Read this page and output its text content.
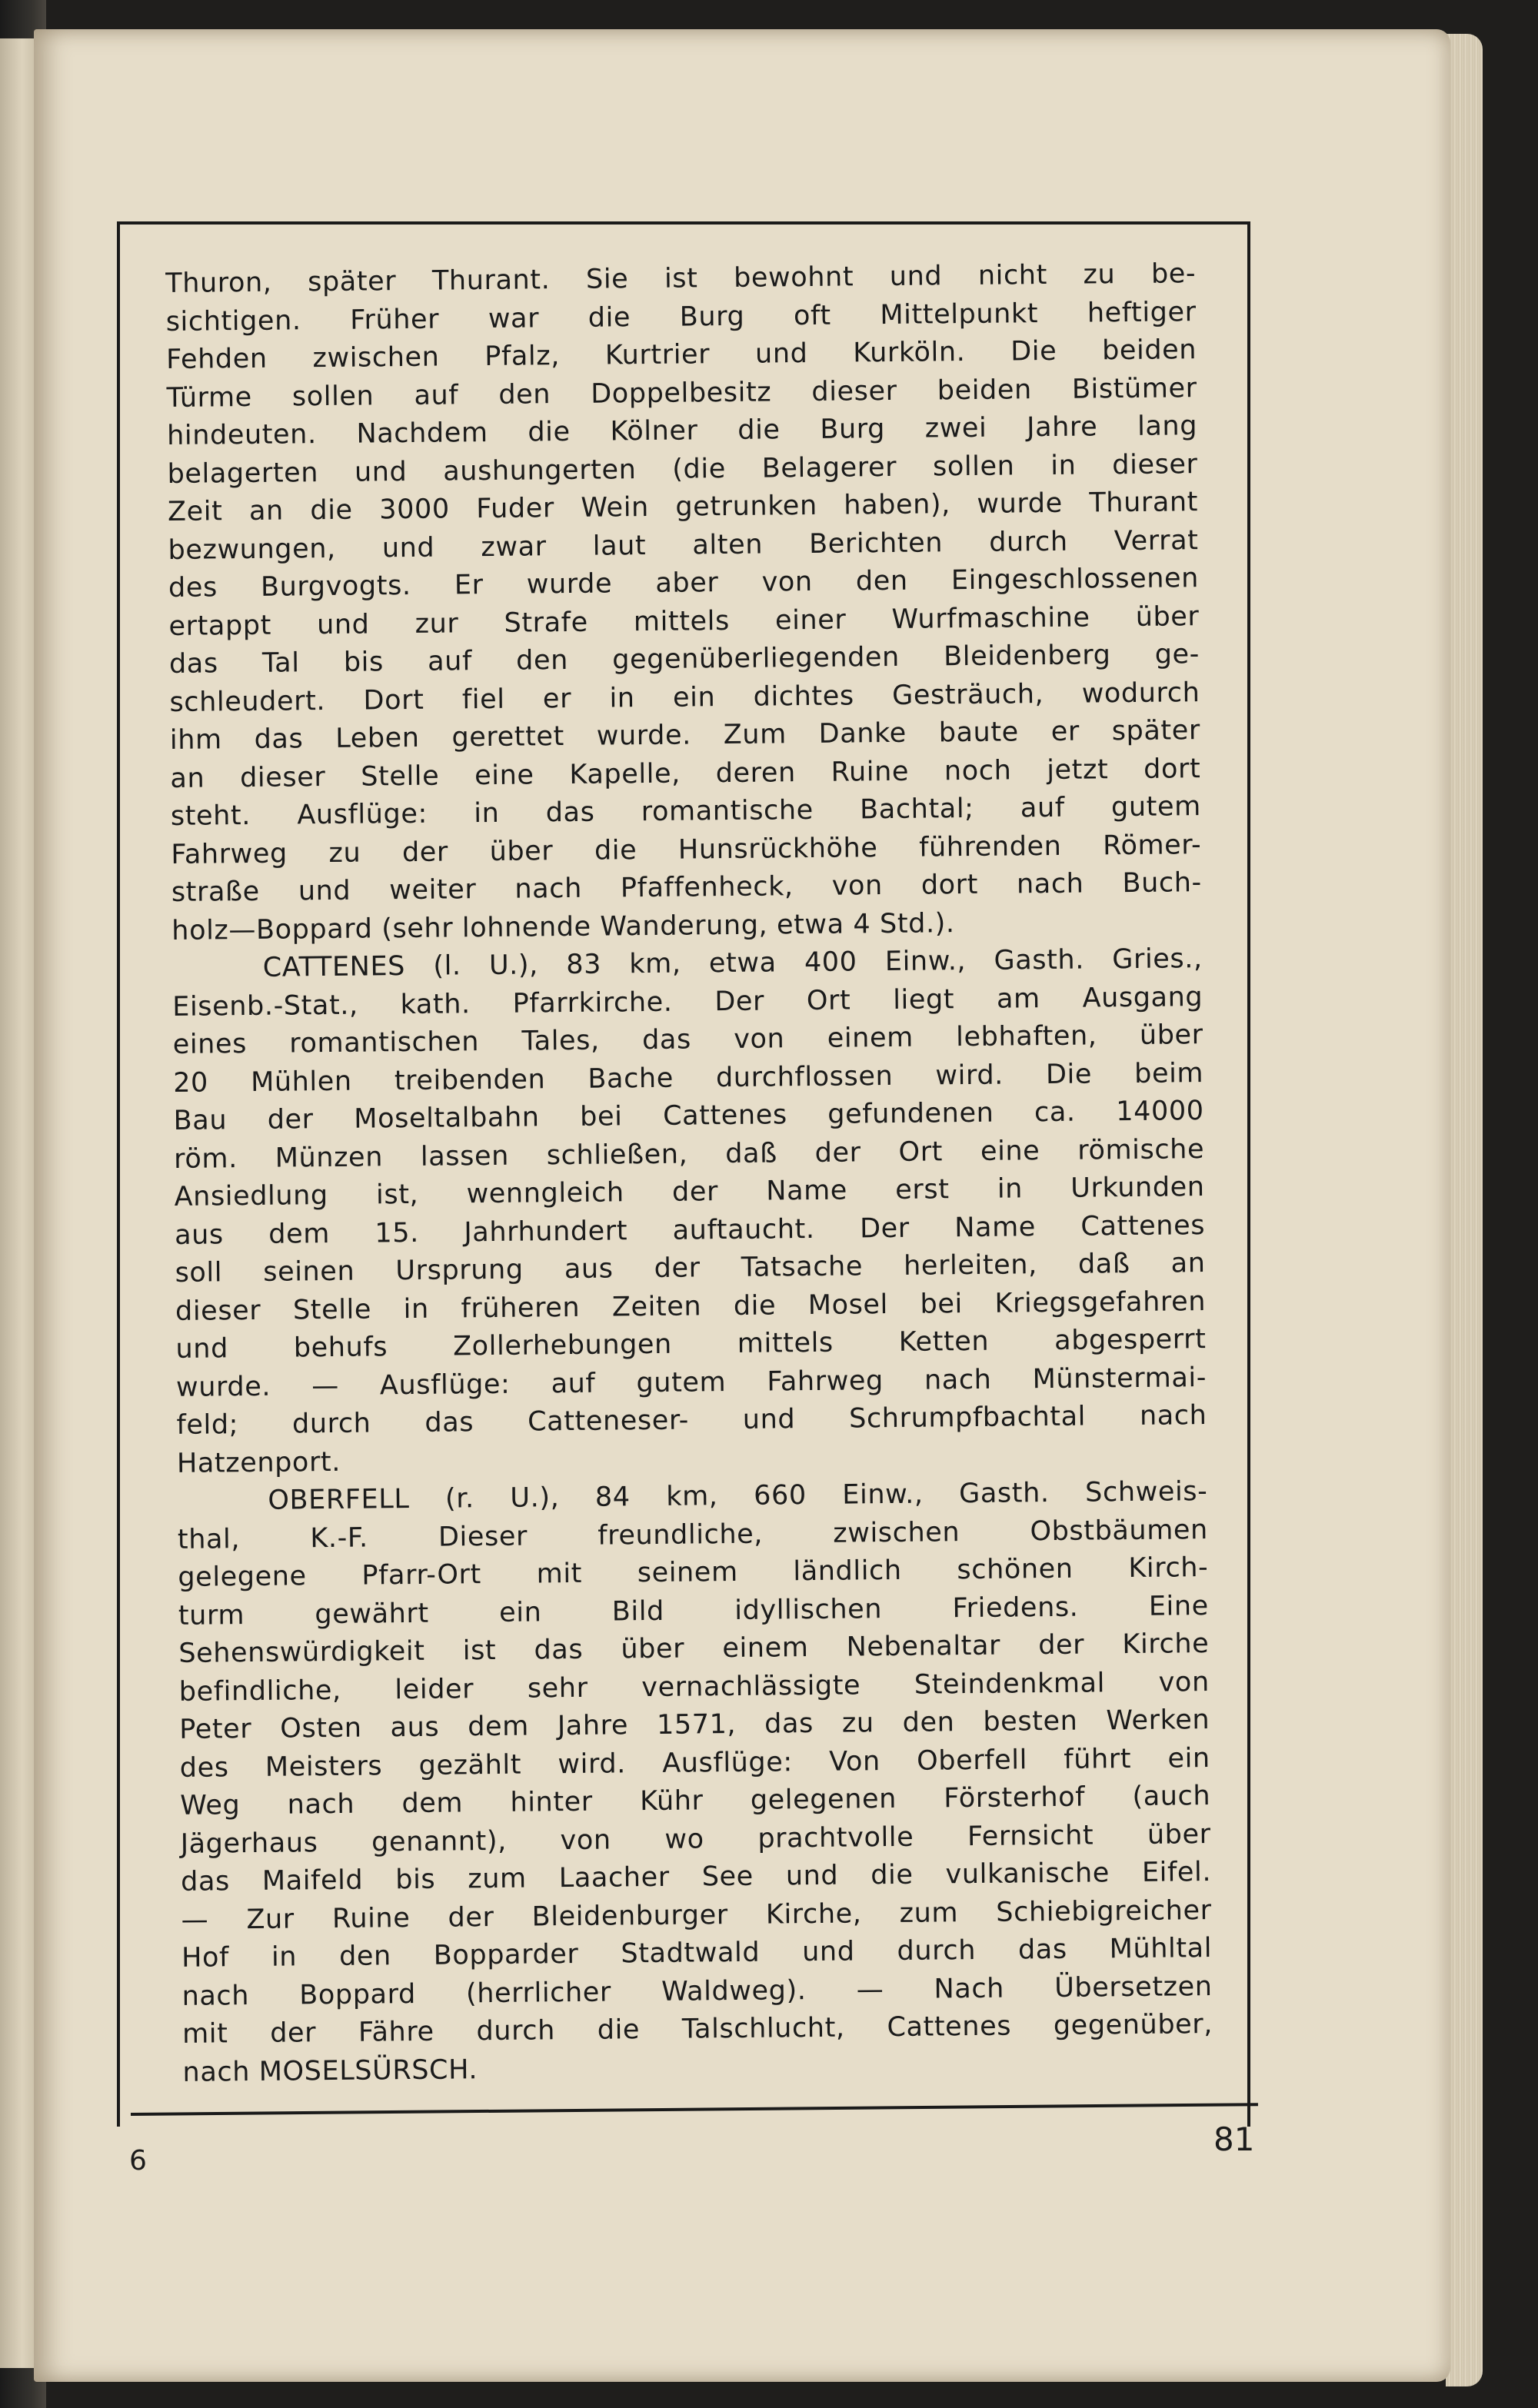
Thuron, später Thurant. Sie ist bewohnt und nicht zu be-
sichtigen. Früher war die Burg oft Mittelpunkt heftiger
Fehden zwischen Pfalz, Kurtrier und Kurköln. Die beiden
Türme sollen auf den Doppelbesitz dieser beiden Bistümer
hindeuten. Nachdem die Kölner die Burg zwei Jahre lang
belagerten und aushungerten (die Belagerer sollen in dieser
Zeit an die 3000 Fuder Wein getrunken haben), wurde Thurant
bezwungen, und zwar laut alten Berichten durch Verrat
des Burgvogts. Er wurde aber von den Eingeschlossenen
ertappt und zur Strafe mittels einer Wurfmaschine über
das Tal bis auf den gegenüberliegenden Bleidenberg ge-
schleudert. Dort fiel er in ein dichtes Gesträuch, wodurch
ihm das Leben gerettet wurde. Zum Danke baute er später
an dieser Stelle eine Kapelle, deren Ruine noch jetzt dort
steht. Ausflüge: in das romantische Bachtal; auf gutem
Fahrweg zu der über die Hunsrückhöhe führenden Römer-
straße und weiter nach Pfaffenheck, von dort nach Buch-
holz—Boppard (sehr lohnende Wanderung, etwa 4 Std.).
CATTENES (l. U.), 83 km, etwa 400 Einw., Gasth. Gries.,
Eisenb.-Stat., kath. Pfarrkirche. Der Ort liegt am Ausgang
eines romantischen Tales, das von einem lebhaften, über
20 Mühlen treibenden Bache durchflossen wird. Die beim
Bau der Moseltalbahn bei Cattenes gefundenen ca. 14000
röm. Münzen lassen schließen, daß der Ort eine römische
Ansiedlung ist, wenngleich der Name erst in Urkunden
aus dem 15. Jahrhundert auftaucht. Der Name Cattenes
soll seinen Ursprung aus der Tatsache herleiten, daß an
dieser Stelle in früheren Zeiten die Mosel bei Kriegsgefahren
und behufs Zollerhebungen mittels Ketten abgesperrt
wurde. — Ausflüge: auf gutem Fahrweg nach Münstermai-
feld; durch das Catteneser- und Schrumpfbachtal nach
Hatzenport.
OBERFELL (r. U.), 84 km, 660 Einw., Gasth. Schweis-
thal, K.-F. Dieser freundliche, zwischen Obstbäumen
gelegene Pfarr-Ort mit seinem ländlich schönen Kirch-
turm gewährt ein Bild idyllischen Friedens. Eine
Sehenswürdigkeit ist das über einem Nebenaltar der Kirche
befindliche, leider sehr vernachlässigte Steindenkmal von
Peter Osten aus dem Jahre 1571, das zu den besten Werken
des Meisters gezählt wird. Ausflüge: Von Oberfell führt ein
Weg nach dem hinter Kühr gelegenen Försterhof (auch
Jägerhaus genannt), von wo prachtvolle Fernsicht über
das Maifeld bis zum Laacher See und die vulkanische Eifel.
— Zur Ruine der Bleidenburger Kirche, zum Schiebigreicher
Hof in den Bopparder Stadtwald und durch das Mühltal
nach Boppard (herrlicher Waldweg). — Nach Übersetzen
mit der Fähre durch die Talschlucht, Cattenes gegenüber,
nach MOSELSÜRSCH.
6
81
